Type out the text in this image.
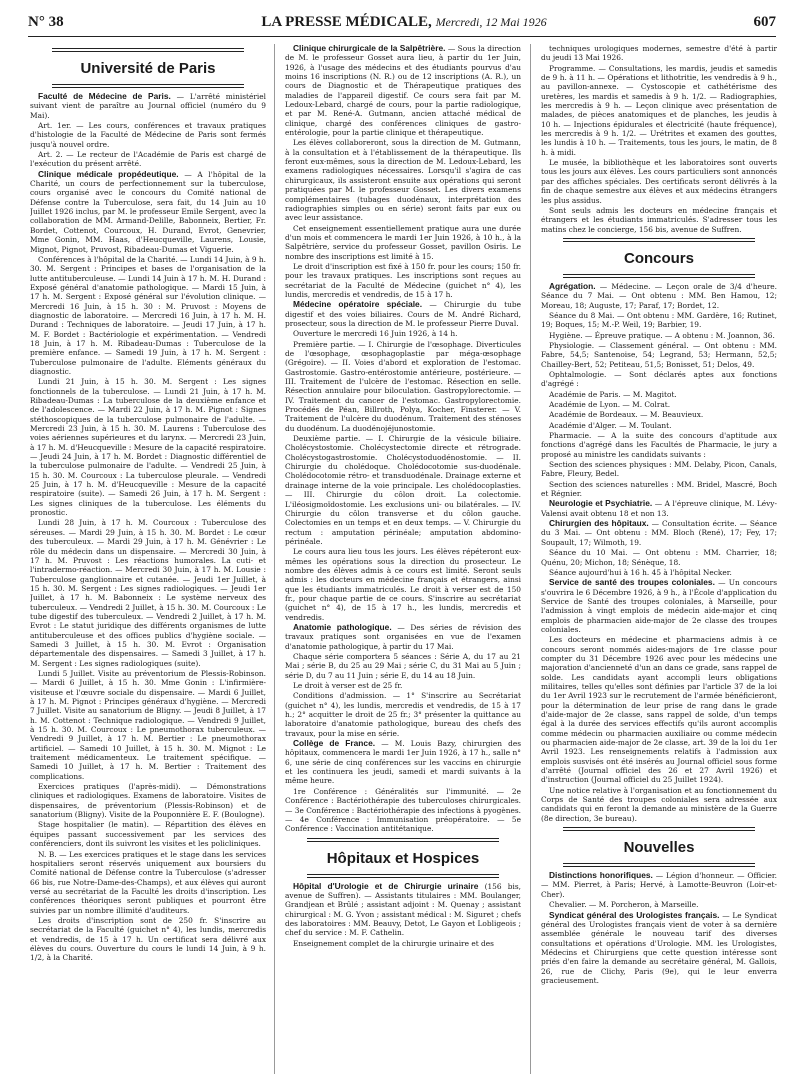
N° 38	LA PRESSE MÉDICALE, Mercredi, 12 Mai 1926	607
Université de Paris
Faculté de Médecine de Paris. — L'arrêté ministériel suivant vient de paraître au Journal officiel (numéro du 9 Mai).
Art. 1er. — Les cours, conférences et travaux pratiques d'histologie de la Faculté de Médecine de Paris sont fermés jusqu'à nouvel ordre.
Art. 2. — Le recteur de l'Académie de Paris est chargé de l'exécution du présent arrêté.
Clinique médicale propédeutique. — A l'hôpital de la Charité, un cours de perfectionnement sur la tuberculose, cours organisé avec le concours du Comité national de Défense contre la Tuberculose, sera fait, du 14 Juin au 10 Juillet 1926 inclus, par M. le professeur Emile Sergent, avec la collaboration de MM. Armand-Delille, Babonneix, Bertier, Fr. Bordet, Cottenot, Courcoux, H. Durand, Evrot, Genevrier, Mme Gonin, MM. Haas, d'Heucqueville, Laurens, Lousie, Mignot, Pignot, Pruvost, Ribadeau-Dumas et Viguerie.
Conférences à l'hôpital de la Charité. — Lundi 14 Juin, à 9 h. 30. M. Sergent : Principes et bases de l'organisation de la lutte antituberculeuse. — Lundi 14 Juin à 17 h. M. H. Durand : Exposé général d'anatomie pathologique. — Mardi 15 Juin, à 17 h. M. Sergent : Exposé général sur l'évolution clinique. — Mercredi 16 Juin, à 15 h. 30 : M. Pruvost : Moyens de diagnostic de laboratoire. — Mercredi 16 Juin, à 17 h. M. H. Durand : Techniques de laboratoire. — Jeudi 17 Juin, à 17 h. M. F. Bordet : Bactériologie et expérimentation. — Vendredi 18 Juin, à 17 h. M. Ribadeau-Dumas : Tuberculose de la première enfance. — Samedi 19 Juin, à 17 h. M. Sergent : Tuberculose pulmonaire de l'adulte. Eléments généraux du diagnostic.
Lundi 21 Juin, à 15 h. 30. M. Sergent : Les signes fonctionnels de la tuberculose. — Lundi 21 Juin, à 17 h. M. Ribadeau-Dumas : La tuberculose de la deuxième enfance et de l'adolescence. — Mardi 22 Juin, à 17 h. M. Pignot : Signes stéthoscopiques de la tuberculose pulmonaire de l'adulte. — Mercredi 23 Juin, à 15 h. 30. M. Laurens : Tuberculose des voies aériennes supérieures et du larynx. — Mercredi 23 Juin, à 17 h. M. d'Heucqueville : Mesure de la capacité respiratoire. — Jeudi 24 Juin, à 17 h. M. Bordet : Diagnostic différentiel de la tuberculose pulmonaire de l'adulte. — Vendredi 25 Juin, à 15 h. 30. M. Courcoux : La tuberculose pleurale. — Vendredi 25 Juin, à 17 h. M. d'Heucqueville : Mesure de la capacité respiratoire (suite). — Samedi 26 Juin, à 17 h. M. Sergent : Les signes cliniques de la tuberculose. Les éléments du pronostic.
Lundi 28 Juin, à 17 h. M. Courcoux : Tuberculose des séreuses. — Mardi 29 Juin, à 15 h. 30. M. Bordet : Le cœur des tuberculeux. — Mardi 29 Juin, à 17 h. M. Génévrier : Le rôle du médecin dans un dispensaire. — Mercredi 30 Juin, à 17 h. M. Pruvost : Les réactions humorales. La cuti- et l'intradermo-réaction. — Mercredi 30 Juin, à 17 h. M. Lousie : Tuberculose ganglionnaire et cutanée. — Jeudi 1er Juillet, à 15 h. 30. M. Sergent : Les signes radiologiques. — Jeudi 1er Juillet, à 17 h. M. Babonneix : Le système nerveux des tuberculeux. — Vendredi 2 Juillet, à 15 h. 30. M. Courcoux : Le tube digestif des tuberculeux. — Vendredi 2 Juillet, à 17 h. M. Evrot : Le statut juridique des différents organismes de lutte antituberculeuse et des offices publics d'hygiène sociale. — Samedi 3 Juillet, à 15 h. 30. M. Evrot : Organisation départementale des dispensaires. — Samedi 3 Juillet, à 17 h. M. Sergent : Les signes radiologiques (suite).
Lundi 5 Juillet. Visite au préventorium de Plessis-Robinson. — Mardi 6 Juillet, à 15 h. 30. Mme Gonin : L'infirmière-visiteuse et l'œuvre sociale du dispensaire. — Mardi 6 Juillet, à 17 h. M. Pignot : Principes généraux d'hygiène. — Mercredi 7 Juillet. Visite au sanatorium de Bligny. — Jeudi 8 Juillet, à 17 h. M. Cottenot : Technique radiologique. — Vendredi 9 Juillet, à 15 h. 30. M. Courcoux : Le pneumothorax tuberculeux. — Vendredi 9 Juillet, à 17 h. M. Bertier : Le pneumothorax artificiel. — Samedi 10 Juillet, à 15 h. 30. M. Mignot : Le traitement médicamenteux. Le traitement spécifique. — Samedi 10 Juillet, à 17 h. M. Bertier : Traitement des complications.
Exercices pratiques (l'après-midi). — Démonstrations cliniques et radiologiques. Examens de laboratoire. Visites de dispensaires, de préventorium (Plessis-Robinson) et de sanatorium (Bligny). Visite de la Pouponnière E. F. (Boulogne).
Stage hospitalier (le matin). — Répartition des élèves en équipes passant successivement par les services des conférenciers, dont ils suivront les visites et les policliniques.
N. B. — Les exercices pratiques et le stage dans les services hospitaliers seront réservés uniquement aux boursiers du Comité national de Défense contre la Tuberculose (s'adresser 66 bis, rue Notre-Dame-des-Champs), et aux élèves qui auront versé au secrétariat de la Faculté les droits d'inscription. Les conférences théoriques seront publiques et pourront être suivies par un nombre illimité d'auditeurs.
Les droits d'inscription sont de 250 fr. S'inscrire au secrétariat de la Faculté (guichet n° 4), les lundis, mercredis et vendredis, de 15 à 17 h. Un certificat sera délivré aux élèves du cours. Ouverture du cours le lundi 14 Juin, à 9 h. 1/2, à la Charité.
Clinique chirurgicale de la Salpêtrière. — Sous la direction de M. le professeur Gosset aura lieu, à partir du 1er Juin, 1926, à l'usage des médecins et des étudiants pourvus d'au moins 16 inscriptions (N. R.) ou de 12 inscriptions (A. R.), un cours de Diagnostic et de Thérapeutique pratiques des maladies de l'appareil digestif. Ce cours sera fait par M. Ledoux-Lebard, chargé de cours, pour la partie radiologique, et par M. René-A. Gutmann, ancien attaché médical de clinique, chargé des conférences cliniques de gastro-entérologie, pour la partie clinique et thérapeutique.
Les élèves collaboreront, sous la direction de M. Gutmann, à la consultation et à l'établissement de la thérapeutique. Ils feront eux-mêmes, sous la direction de M. Ledoux-Lebard, les examens radiologiques nécessaires. Lorsqu'il s'agira de cas chirurgicaux, ils assisteront ensuite aux opérations qui seront pratiquées par M. le professeur Gosset. Les divers examens complémentaires (tubages duodénaux, interprétation des radiographies simples ou en série) seront faits par eux ou avec leur assistance.
Cet enseignement essentiellement pratique aura une durée d'un mois et commencera le mardi 1er Juin 1926, à 10 h., à la Salpêtrière, service du professeur Gosset, pavillon Osiris. Le nombre des inscriptions est limité à 15.
Le droit d'inscription est fixé à 150 fr. pour les cours; 150 fr. pour les travaux pratiques. Les inscriptions sont reçues au secrétariat de la Faculté de Médecine (guichet n° 4), les lundis, mercredis et vendredis, de 15 à 17 h.
Médecine opératoire spéciale. — Chirurgie du tube digestif et des voies biliaires. Cours de M. André Richard, prosecteur, sous la direction de M. le professeur Pierre Duval.
Ouverture le mercredi 16 Juin 1926, à 14 h.
Première partie. — I. Chirurgie de l'œsophage. Diverticules de l'œsophage, œsophagoplastie par méga-œsophage (Grégoire). — II. Voies d'abord et exploration de l'estomac. Gastrostomie. Gastro-entérostomie antérieure, postérieure. — III. Traitement de l'ulcère de l'estomac. Résection en selle. Résection annulaire pour biloculation. Gastropylorectomie. — IV. Traitement du cancer de l'estomac. Gastropylorectomie. Procédés de Péan, Billroth, Polya, Kocher, Finsterer. — V. Traitement de l'ulcère du duodénum. Traitement des sténoses du duodénum. La duodénojéjunostomie.
Deuxième partie. — I. Chirurgie de la vésicule biliaire. Cholécystostomie. Cholécystectomie directe et rétrograde. Cholécystogastrostomie. Cholécystoduodénostomie. — II. Chirurgie du cholédoque. Cholédocotomie sus-duodénale. Cholédocotomie rétro- et transduodénale. Drainage externe et drainage interne de la voie principale. Les cholédocoplasties. — III. Chirurgie du côlon droit. La colectomie. L'iléosigmoïdostomie. Les exclusions uni- ou bilatérales. — IV. Chirurgie du côlon transverse et du côlon gauche. Colectomies en un temps et en deux temps. — V. Chirurgie du rectum : amputation périnéale; amputation abdomino-périnéale.
Le cours aura lieu tous les jours. Les élèves répéteront eux-mêmes les opérations sous la direction du prosecteur. Le nombre des élèves admis à ce cours est limité. Seront seuls admis : les docteurs en médecine français et étrangers, ainsi que les étudiants immatriculés. Le droit à verser est de 150 fr., pour chaque partie de ce cours. S'inscrire au secrétariat (guichet n° 4), de 15 à 17 h., les lundis, mercredis et vendredis.
Anatomie pathologique. — Des séries de révision des travaux pratiques sont organisées en vue de l'examen d'anatomie pathologique, à partir du 17 Mai.
Chaque série comportera 5 séances : Série A, du 17 au 21 Mai ; série B, du 25 au 29 Mai ; série C, du 31 Mai au 5 Juin ; série D, du 7 au 11 Juin ; série E, du 14 au 18 Juin.
Le droit à verser est de 25 fr.
Conditions d'admission. — 1° S'inscrire au Secrétariat (guichet n° 4), les lundis, mercredis et vendredis, de 15 à 17 h.; 2° acquitter le droit de 25 fr.; 3° présenter la quittance au laboratoire d'anatomie pathologique, bureau des chefs des travaux, pour la mise en série.
Collège de France. — M. Louis Bazy, chirurgien des hôpitaux, commencera le mardi 1er Juin 1926, à 17 h., salle n° 6, une série de cinq conférences sur les vaccins en chirurgie et les continuera les jeudi, samedi et mardi suivants à la même heure.
1re Conférence : Généralités sur l'immunité. — 2e Conférence : Bactériothérapie des tuberculoses chirurgicales. — 3e Conférence : Bactériothérapie des infections à pyogènes. — 4e Conférence : Immunisation préopératoire. — 5e Conférence : Vaccination antitétanique.
Hôpitaux et Hospices
Hôpital d'Urologie et de Chirurgie urinaire (156 bis, avenue de Suffren). — Assistants titulaires : MM. Boulanger, Grandjean et Brûlé ; assistant adjoint : M. Quenay ; assistant chirurgical : M. G. Yvon ; assistant médical : M. Siguret ; chefs des laboratoires : MM. Beauvy, Detot, Le Gayon et Lobligeois ; chef du service : M. F. Cathelin.
Enseignement complet de la chirurgie urinaire et des
techniques urologiques modernes, semestre d'été à partir du jeudi 13 Mai 1926.
Programme. — Consultations, les mardis, jeudis et samedis de 9 h. à 11 h. — Opérations et lithotritie, les vendredis à 9 h., au pavillon-annexe. — Cystoscopie et cathétérisme des uretères, les mardis et samedis à 9 h. 1/2. — Radiographies, les mercredis à 9 h. — Leçon clinique avec présentation de malades, de pièces anatomiques et de planches, les jeudis à 10 h. — Injections épidurales et électricité (haute fréquence), les mercredis à 9 h. 1/2. — Urétrites et examen des gouttes, les lundis à 10 h. — Traitements, tous les jours, le matin, de 8 h. à midi.
Le musée, la bibliothèque et les laboratoires sont ouverts tous les jours aux élèves. Les cours particuliers sont annoncés par des affiches spéciales. Des certificats seront délivrés à la fin de chaque semestre aux élèves et aux médecins étrangers les plus assidus.
Sont seuls admis les docteurs en médecine français et étrangers et les étudiants immatriculés. S'adresser tous les matins chez le concierge, 156 bis, avenue de Suffren.
Concours
Agrégation. — Médecine. — Leçon orale de 3/4 d'heure. Séance du 7 Mai. — Ont obtenu : MM. Ben Hamou, 12; Moreau, 18; Auguste, 17; Paraf, 17; Bordet, 12.
Séance du 8 Mai. — Ont obtenu : MM. Gardère, 16; Rutinet, 19; Boques, 15; M.-P. Weil, 19; Barbier, 19.
Hygiène. — Épreuve pratique. — A obtenu : M. Joannon, 36.
Physiologie. — Classement général. — Ont obtenu : MM. Fabre, 54,5; Santenoise, 54; Legrand, 53; Hermann, 52,5; Chailley-Bert, 52; Petiteau, 51,5; Bonisset, 51; Delos, 49.
Ophtalmologie. — Sont déclarés aptes aux fonctions d'agrégé :
Académie de Paris. — M. Magitot.
Académie de Lyon. — M. Colrat.
Académie de Bordeaux. — M. Beauvieux.
Académie d'Alger. — M. Toulant.
Pharmacie. — A la suite des concours d'aptitude aux fonctions d'agrégé dans les Facultés de Pharmacie, le jury a proposé au ministre les candidats suivants :
Section des sciences physiques : MM. Delaby, Picon, Canals, Fabre, Fleury, Bedel.
Section des sciences naturelles : MM. Bridel, Mascré, Boch et Régnier.
Neurologie et Psychiatrie. — A l'épreuve clinique, M. Lévy-Valensi avait obtenu 18 et non 13.
Chirurgien des hôpitaux. — Consultation écrite. — Séance du 3 Mai. — Ont obtenu : MM. Bloch (René), 17; Fey, 17; Soupault, 17; Wilmoth, 19.
Séance du 10 Mai. — Ont obtenu : MM. Charrier, 18; Quénu, 20; Michon, 18; Sénèque, 18.
Séance aujourd'hui à 16 h. 45 à l'hôpital Necker.
Service de santé des troupes coloniales. — Un concours s'ouvrira le 6 Décembre 1926, à 9 h., à l'École d'application du Service de Santé des troupes coloniales, à Marseille, pour l'admission à vingt emplois de médecin aide-major et cinq emplois de pharmacien aide-major de 2e classe des troupes coloniales.
Les docteurs en médecine et pharmaciens admis à ce concours seront nommés aides-majors de 1re classe pour compter du 31 Décembre 1926 avec pour les médecins une majoration d'ancienneté d'un an dans ce grade, sans rappel de solde. Les candidats ayant accompli leurs obligations militaires, telles qu'elles sont définies par l'article 37 de la loi du 1er Avril 1923 sur le recrutement de l'armée bénéficieront, pour la détermination de leur prise de rang dans le grade d'aide-major de 2e classe, sans rappel de solde, d'un temps égal à la durée des services effectifs qu'ils auront accomplis comme médecin ou pharmacien auxiliaire ou comme médecin ou pharmacien aide-major de 2e classe, art. 39 de la loi du 1er Avril 1923. Les renseignements relatifs à l'admission aux emplois susvisés ont été insérés au Journal officiel sous forme d'arrêté (Journal officiel des 26 et 27 Avril 1926) et d'instruction (Journal officiel du 25 Juillet 1924).
Une notice relative à l'organisation et au fonctionnement du Corps de Santé des troupes coloniales sera adressée aux candidats qui en feront la demande au ministère de la Guerre (8e direction, 3e bureau).
Nouvelles
Distinctions honorifiques. — Légion d'honneur. — Officier. — MM. Pierret, à Paris; Hervé, à Lamotte-Beuvron (Loir-et-Cher).
Chevalier. — M. Porcheron, à Marseille.
Syndicat général des Urologistes français. — Le Syndicat général des Urologistes français vient de voter à sa dernière assemblée générale le nouveau tarif des diverses consultations et opérations d'Urologie. MM. les Urologistes, Médecins et Chirurgiens que cette question intéresse sont priés d'en faire la demande au secrétaire général, M. Gallois, 26, rue de Clichy, Paris (9e), qui le leur enverra gracieusement.
